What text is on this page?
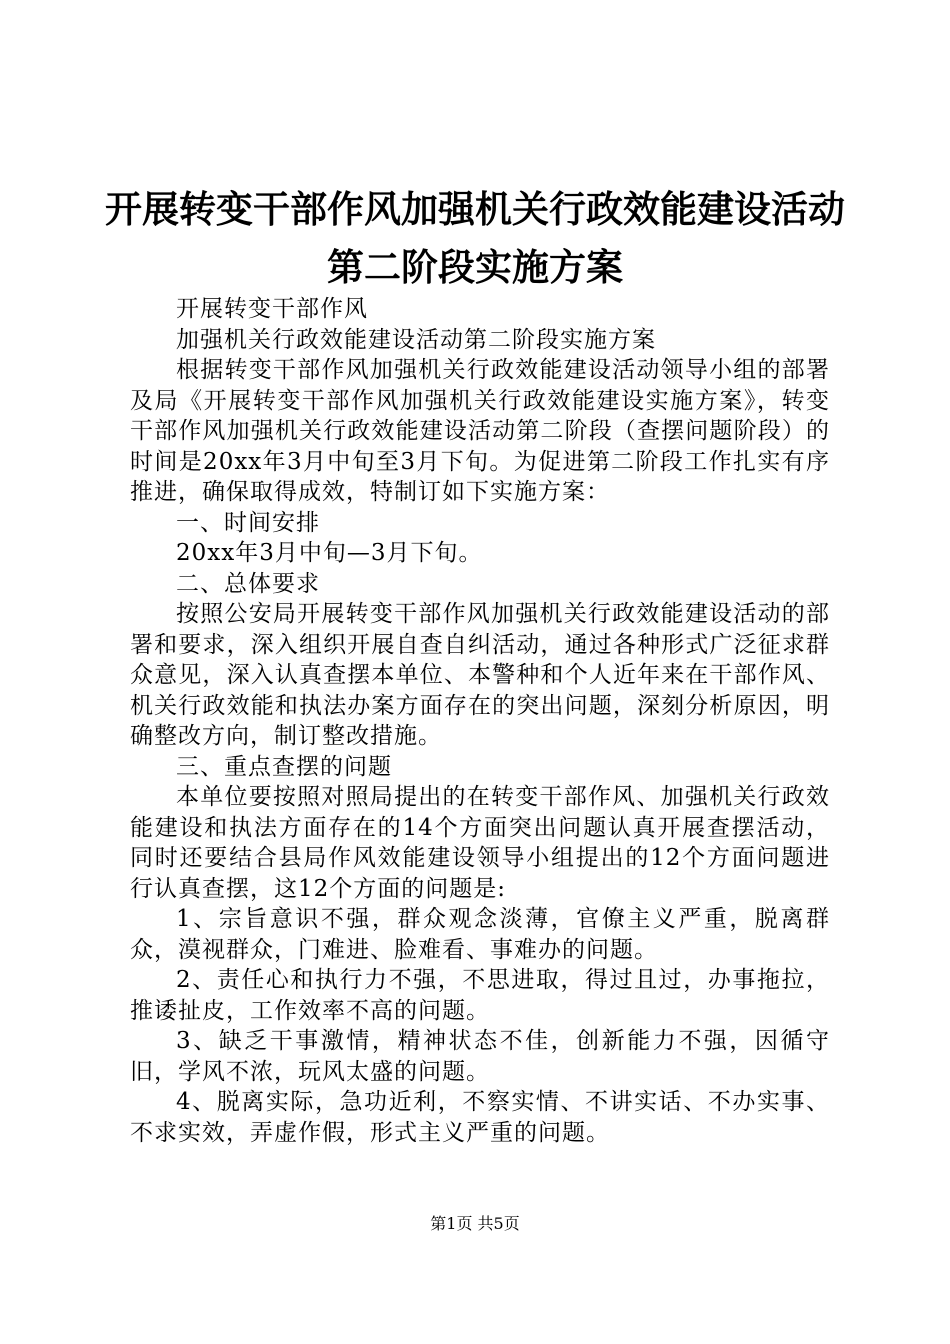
开展转变干部作风加强机关行政效能建设活动
第二阶段实施方案

开展转变干部作风

加强机关行政效能建设活动第二阶段实施方案

根据转变干部作风加强机关行政效能建设活动领导小组的部署及局《开展转变干部作风加强机关行政效能建设实施方案》，转变干部作风加强机关行政效能建设活动第二阶段（查摆问题阶段）的时间是20xx年3月中旬至3月下旬。为促进第二阶段工作扎实有序推进，确保取得成效，特制订如下实施方案：

一、时间安排

20xx年3月中旬—3月下旬。

二、总体要求

按照公安局开展转变干部作风加强机关行政效能建设活动的部署和要求，深入组织开展自查自纠活动，通过各种形式广泛征求群众意见，深入认真查摆本单位、本警种和个人近年来在干部作风、机关行政效能和执法办案方面存在的突出问题，深刻分析原因，明确整改方向，制订整改措施。

三、重点查摆的问题

本单位要按照对照局提出的在转变干部作风、加强机关行政效能建设和执法方面存在的14个方面突出问题认真开展查摆活动，同时还要结合县局作风效能建设领导小组提出的12个方面问题进行认真查摆，这12个方面的问题是:

1、宗旨意识不强，群众观念淡薄，官僚主义严重，脱离群众，漠视群众，门难进、脸难看、事难办的问题。

2、责任心和执行力不强，不思进取，得过且过，办事拖拉，推诿扯皮，工作效率不高的问题。

3、缺乏干事激情，精神状态不佳，创新能力不强，因循守旧，学风不浓，玩风太盛的问题。

4、脱离实际，急功近利，不察实情、不讲实话、不办实事、不求实效，弄虚作假，形式主义严重的问题。

第1页 共5页
